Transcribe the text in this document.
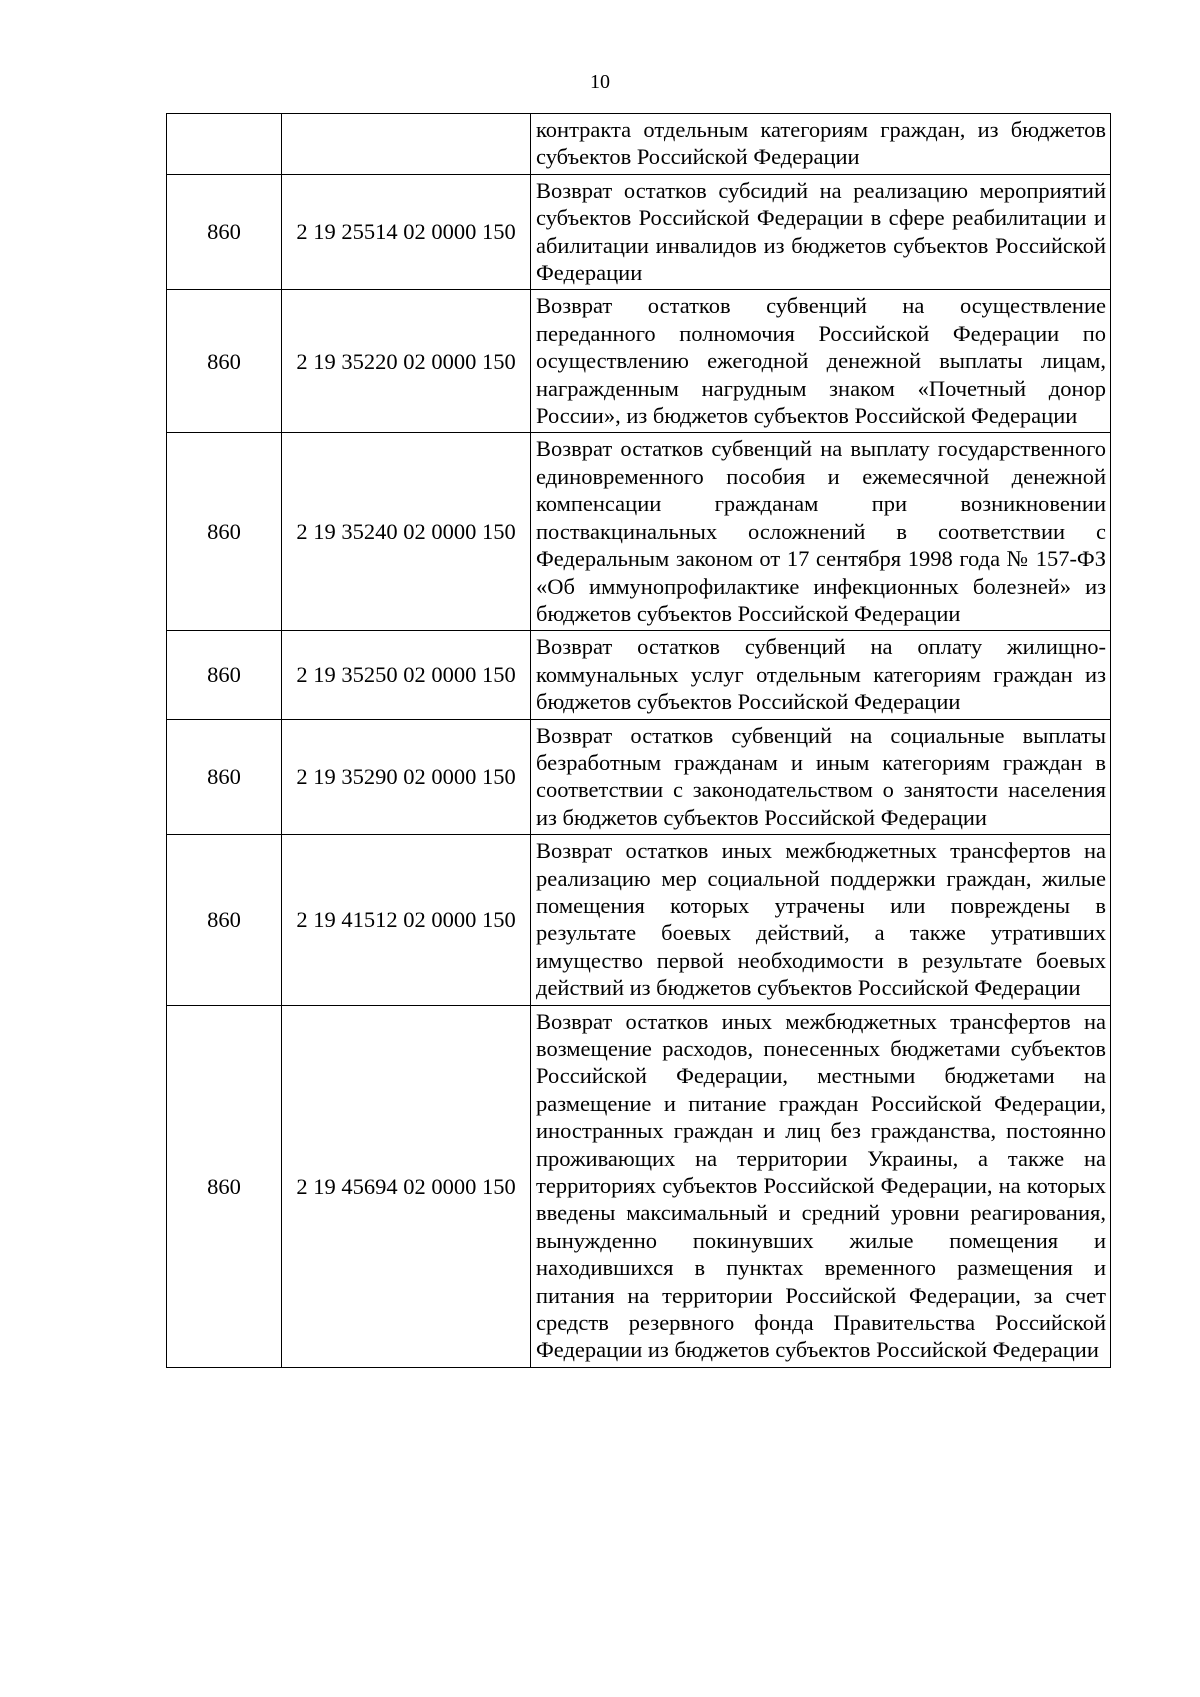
10
		контракта отдельным категориям граждан, из бюджетов субъектов Российской Федерации
860	2 19 25514 02 0000 150	Возврат остатков субсидий на реализацию мероприятий субъектов Российской Федерации в сфере реабилитации и абилитации инвалидов из бюджетов субъектов Российской Федерации
860	2 19 35220 02 0000 150	Возврат остатков субвенций на осуществление переданного полномочия Российской Федерации по осуществлению ежегодной денежной выплаты лицам, награжденным нагрудным знаком «Почетный донор России», из бюджетов субъектов Российской Федерации
860	2 19 35240 02 0000 150	Возврат остатков субвенций на выплату государственного единовременного пособия и ежемесячной денежной компенсации гражданам при возникновении поствакцинальных осложнений в соответствии с Федеральным законом от 17 сентября 1998 года № 157-ФЗ «Об иммунопрофилактике инфекционных болезней» из бюджетов субъектов Российской Федерации
860	2 19 35250 02 0000 150	Возврат остатков субвенций на оплату жилищно-коммунальных услуг отдельным категориям граждан из бюджетов субъектов Российской Федерации
860	2 19 35290 02 0000 150	Возврат остатков субвенций на социальные выплаты безработным гражданам и иным категориям граждан в соответствии с законодательством о занятости населения из бюджетов субъектов Российской Федерации
860	2 19 41512 02 0000 150	Возврат остатков иных межбюджетных трансфертов на реализацию мер социальной поддержки граждан, жилые помещения которых утрачены или повреждены в результате боевых действий, а также утративших имущество первой необходимости в результате боевых действий из бюджетов субъектов Российской Федерации
860	2 19 45694 02 0000 150	Возврат остатков иных межбюджетных трансфертов на возмещение расходов, понесенных бюджетами субъектов Российской Федерации, местными бюджетами на размещение и питание граждан Российской Федерации, иностранных граждан и лиц без гражданства, постоянно проживающих на территории Украины, а также на территориях субъектов Российской Федерации, на которых введены максимальный и средний уровни реагирования, вынужденно покинувших жилые помещения и находившихся в пунктах временного размещения и питания на территории Российской Федерации, за счет средств резервного фонда Правительства Российской Федерации из бюджетов субъектов Российской Федерации
